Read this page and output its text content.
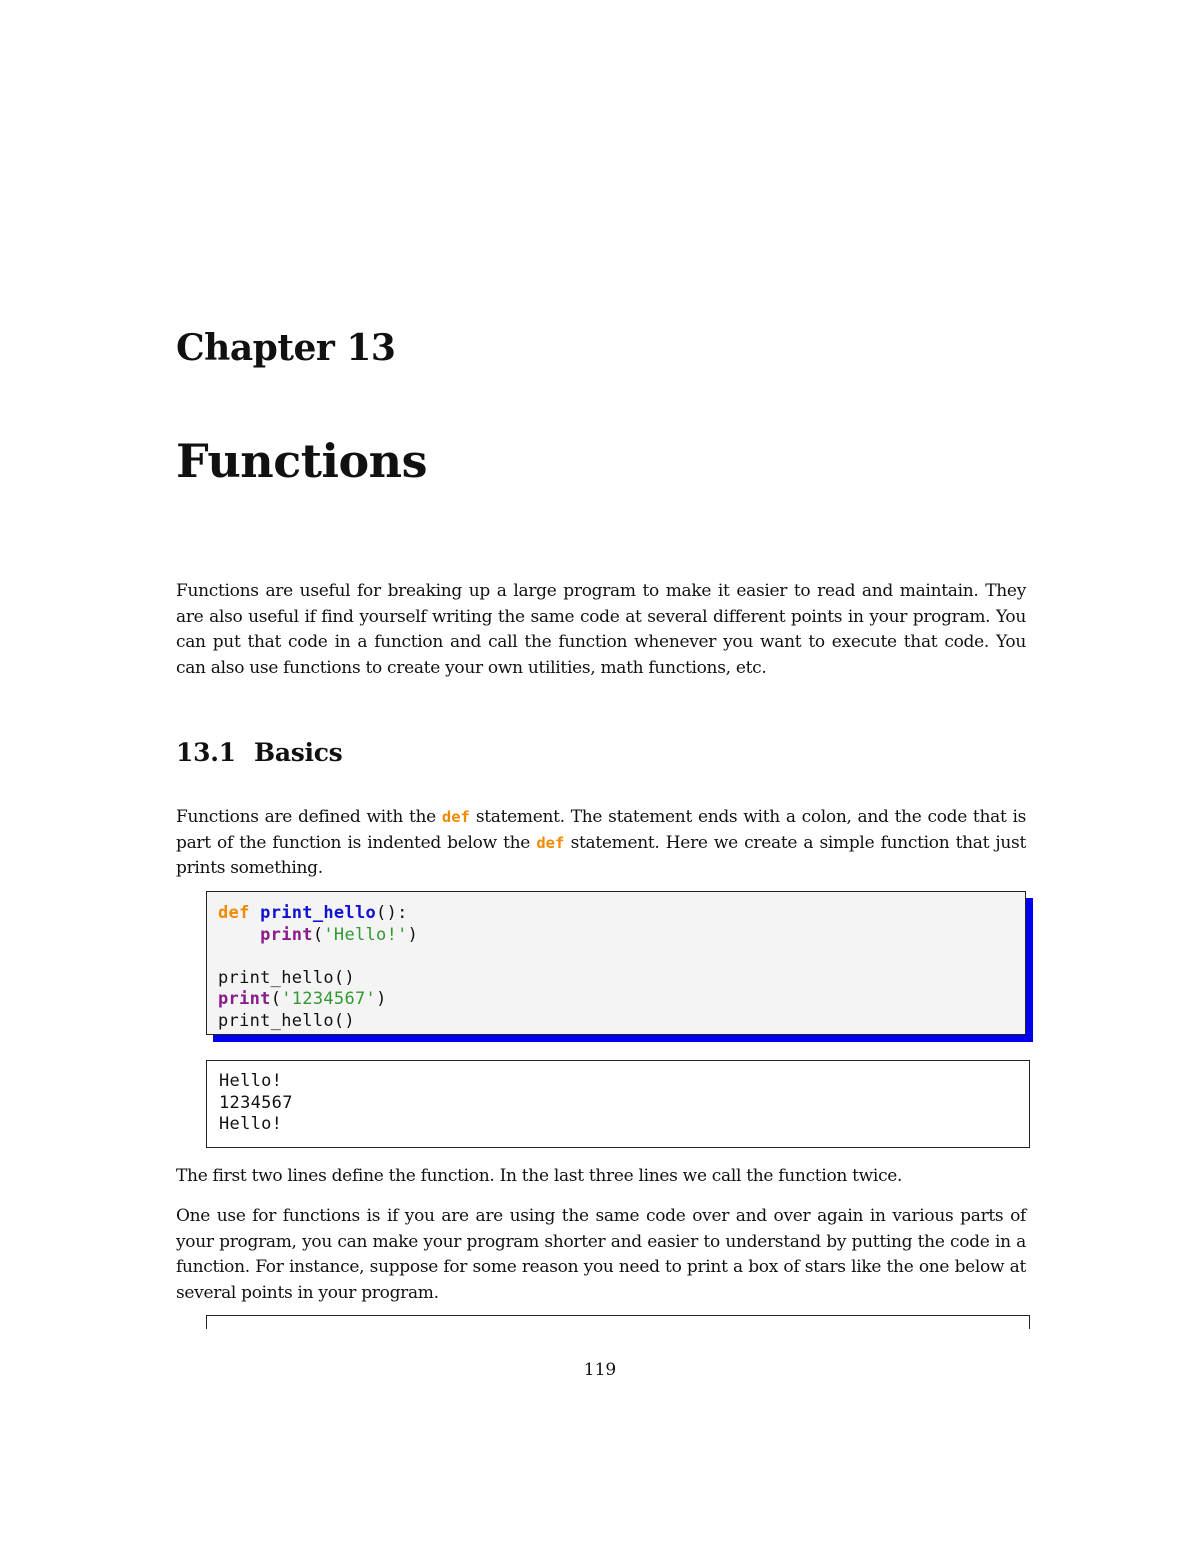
Chapter 13
Functions

Functions are useful for breaking up a large program to make it easier to read and maintain. They are also useful if find yourself writing the same code at several different points in your program. You can put that code in a function and call the function whenever you want to execute that code. You can also use functions to create your own utilities, math functions, etc.

13.1 Basics

Functions are defined with the def statement. The statement ends with a colon, and the code that is part of the function is indented below the def statement. Here we create a simple function that just prints something.

def print_hello():
print('Hello!')

print_hello()
print('1234567')
print_hello()
Hello!
1234567
Hello!

The first two lines define the function. In the last three lines we call the function twice.

One use for functions is if you are are using the same code over and over again in various parts of your program, you can make your program shorter and easier to understand by putting the code in a function. For instance, suppose for some reason you need to print a box of stars like the one below at several points in your program.

119
